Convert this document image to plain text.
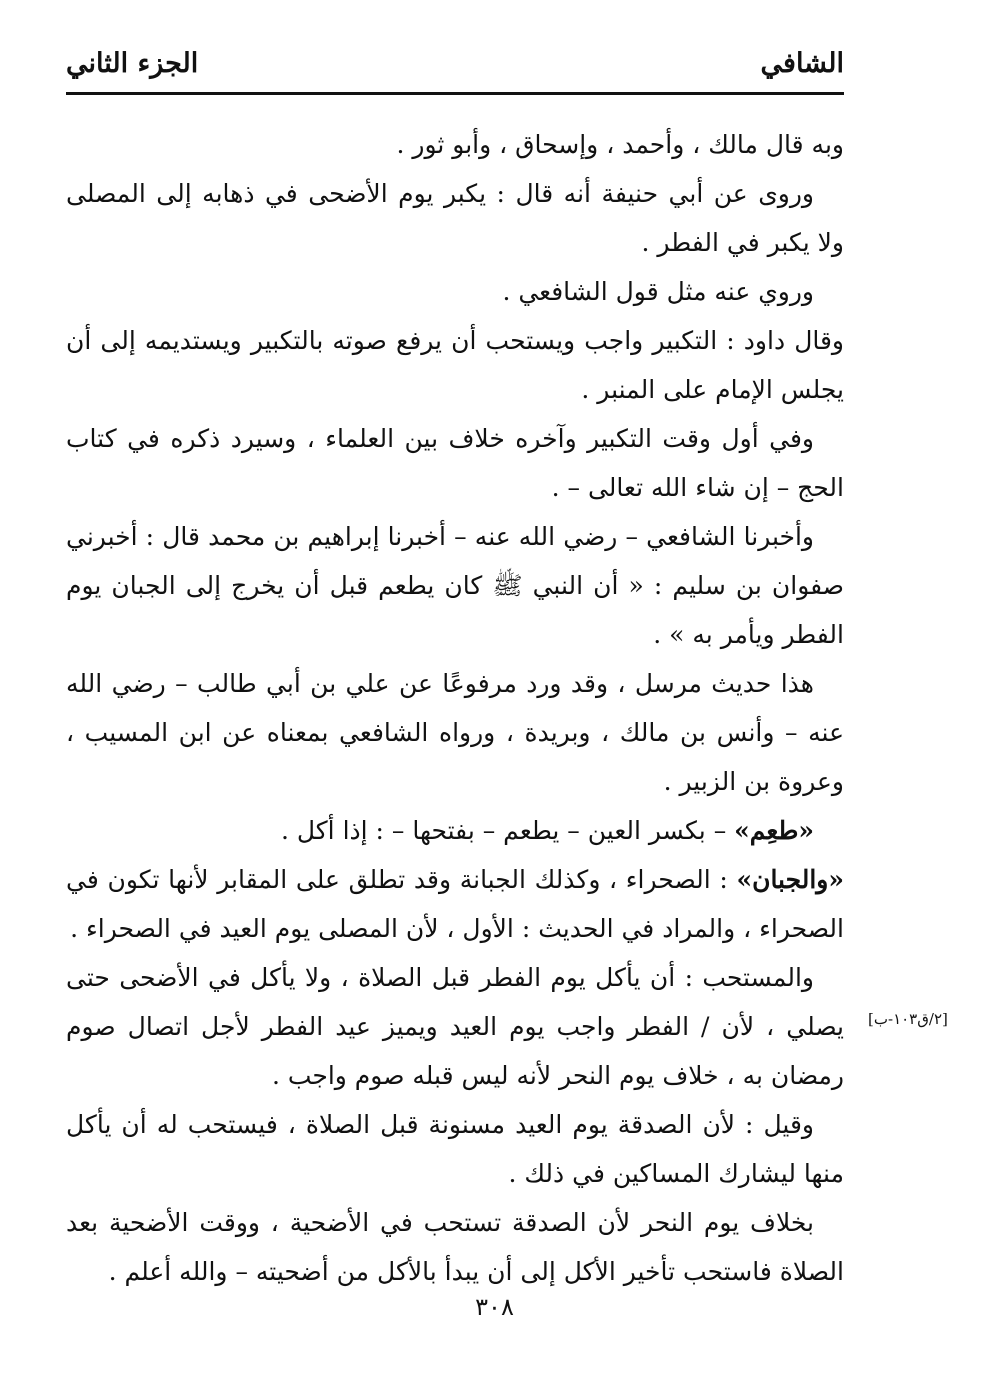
الشافي
الجزء الثاني

وبه قال مالك ، وأحمد ، وإسحاق ، وأبو ثور .

وروى عن أبي حنيفة أنه قال : يكبر يوم الأضحى في ذهابه إلى المصلى ولا يكبر في الفطر .

وروي عنه مثل قول الشافعي .

وقال داود : التكبير واجب ويستحب أن يرفع صوته بالتكبير ويستديمه إلى أن يجلس الإمام على المنبر .

وفي أول وقت التكبير وآخره خلاف بين العلماء ، وسيرد ذكره في كتاب الحج – إن شاء الله تعالى – .

وأخبرنا الشافعي – رضي الله عنه – أخبرنا إبراهيم بن محمد قال : أخبرني صفوان بن سليم : « أن النبي ﷺ كان يطعم قبل أن يخرج إلى الجبان يوم الفطر ويأمر به » .

هذا حديث مرسل ، وقد ورد مرفوعًا عن علي بن أبي طالب – رضي الله عنه – وأنس بن مالك ، وبريدة ، ورواه الشافعي بمعناه عن ابن المسيب ، وعروة بن الزبير .

«طعِم» – بكسر العين – يطعم – بفتحها – : إذا أكل .

«والجبان» : الصحراء ، وكذلك الجبانة وقد تطلق على المقابر لأنها تكون في الصحراء ، والمراد في الحديث : الأول ، لأن المصلى يوم العيد في الصحراء .

والمستحب : أن يأكل يوم الفطر قبل الصلاة ، ولا يأكل في الأضحى حتى يصلي ، لأن / الفطر واجب يوم العيد ويميز عيد الفطر لأجل اتصال صوم رمضان به ، خلاف يوم النحر لأنه ليس قبله صوم واجب .

وقيل : لأن الصدقة يوم العيد مسنونة قبل الصلاة ، فيستحب له أن يأكل منها ليشارك المساكين في ذلك .

بخلاف يوم النحر لأن الصدقة تستحب في الأضحية ، ووقت الأضحية بعد الصلاة فاستحب تأخير الأكل إلى أن يبدأ بالأكل من أضحيته – والله أعلم .

[٢/ق١٠٣-ب]
٣٠٨
